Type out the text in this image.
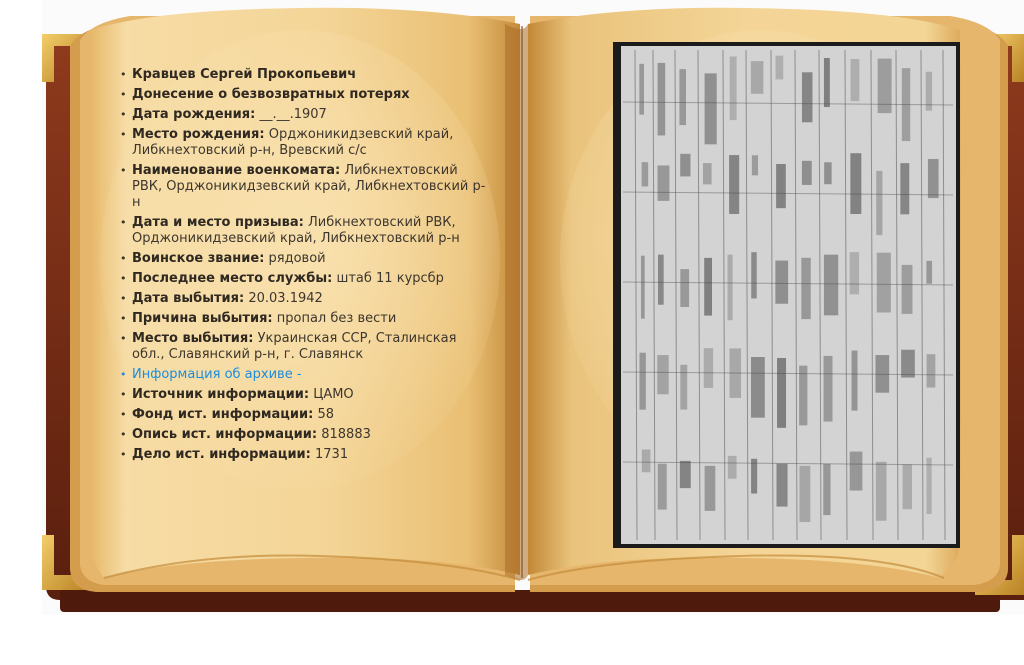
• Кравцев Сергей Прокопьевич
• Донесение о безвозвратных потерях
• Дата рождения: __.__.1907
• Место рождения: Орджоникидзевский край, Либкнехтовский р-н, Вревский с/с
• Наименование военкомата: Либкнехтовский РВК, Орджоникидзевский край, Либкнехтовский р-н
• Дата и место призыва: Либкнехтовский РВК, Орджоникидзевский край, Либкнехтовский р-н
• Воинское звание: рядовой
• Последнее место службы: штаб 11 курсбр
• Дата выбытия: 20.03.1942
• Причина выбытия: пропал без вести
• Место выбытия: Украинская ССР, Сталинская обл., Славянский р-н, г. Славянск
• Информация об архиве -
• Источник информации: ЦАМО
• Фонд ист. информации: 58
• Опись ист. информации: 818883
• Дело ист. информации: 1731
